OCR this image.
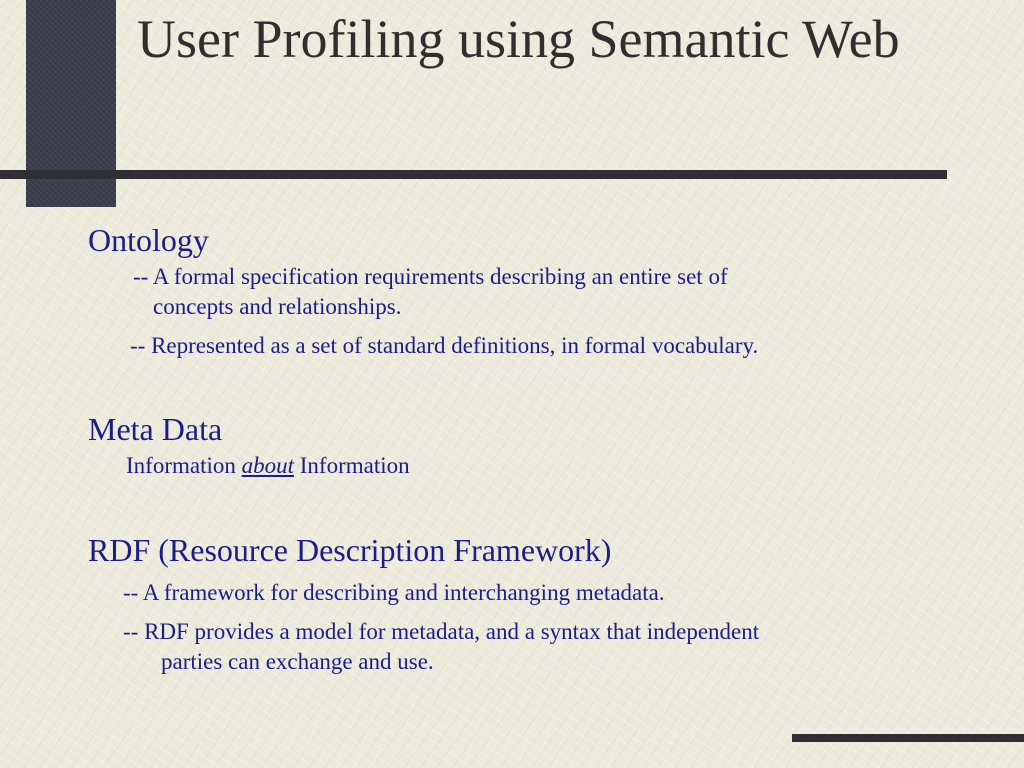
User Profiling using Semantic Web
Ontology

-- A formal specification requirements describing an entire set of

concepts and relationships.

-- Represented as a set of standard definitions, in formal vocabulary.

Meta Data

Information about Information

RDF (Resource Description Framework)

-- A framework for describing and interchanging metadata.

-- RDF provides a model for metadata, and a syntax that independent

parties can exchange and use.
